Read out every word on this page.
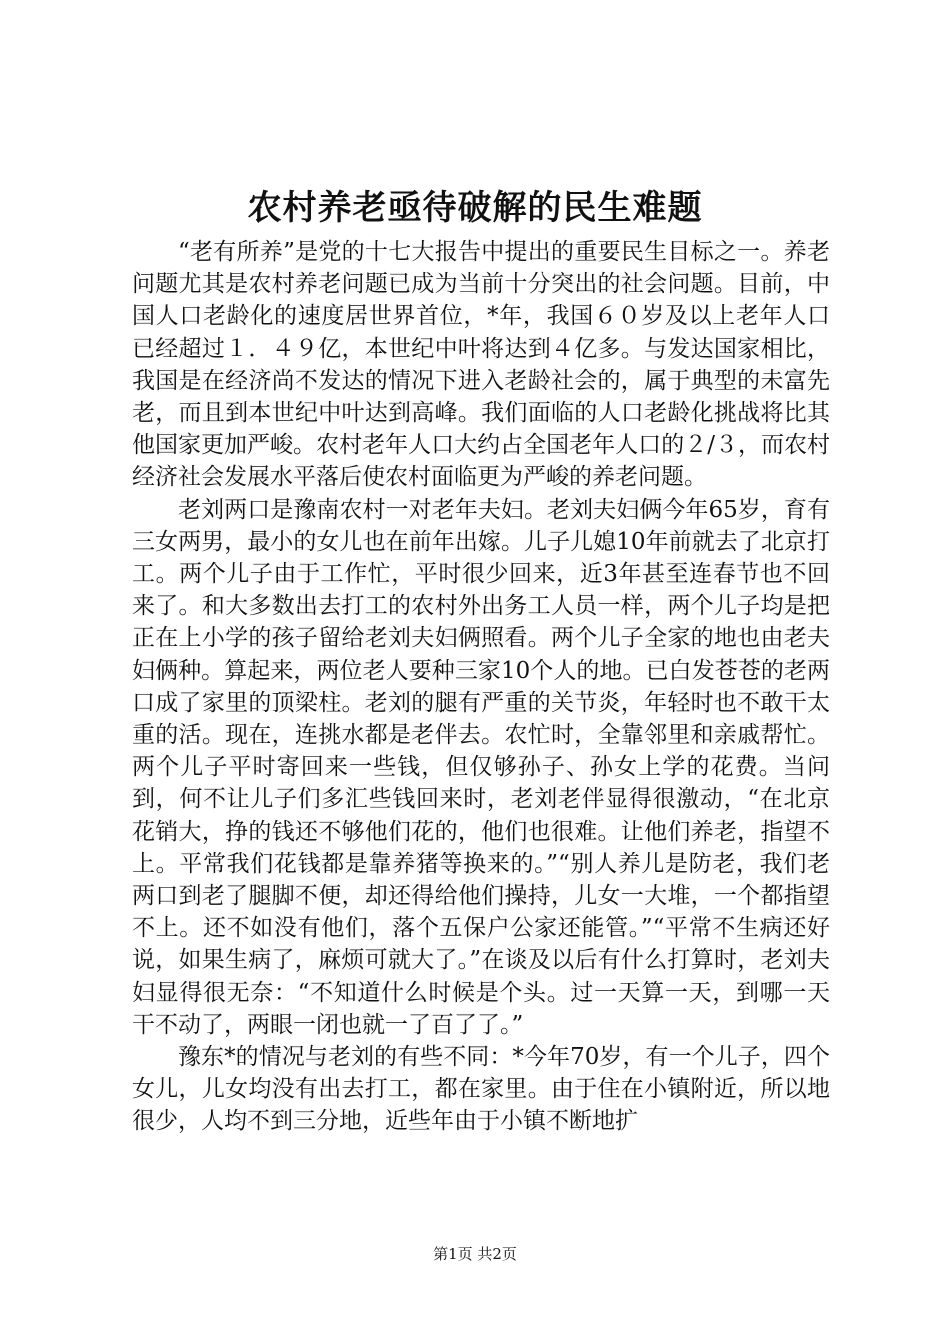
农村养老亟待破解的民生难题

“老有所养”是党的十七大报告中提出的重要民生目标之一。养老问题尤其是农村养老问题已成为当前十分突出的社会问题。目前，中国人口老龄化的速度居世界首位，*年，我国６０岁及以上老年人口已经超过１．４９亿，本世纪中叶将达到４亿多。与发达国家相比，我国是在经济尚不发达的情况下进入老龄社会的，属于典型的未富先老，而且到本世纪中叶达到高峰。我们面临的人口老龄化挑战将比其他国家更加严峻。农村老年人口大约占全国老年人口的２/３，而农村经济社会发展水平落后使农村面临更为严峻的养老问题。

老刘两口是豫南农村一对老年夫妇。老刘夫妇俩今年65岁，育有三女两男，最小的女儿也在前年出嫁。儿子儿媳10年前就去了北京打工。两个儿子由于工作忙，平时很少回来，近3年甚至连春节也不回来了。和大多数出去打工的农村外出务工人员一样，两个儿子均是把正在上小学的孩子留给老刘夫妇俩照看。两个儿子全家的地也由老夫妇俩种。算起来，两位老人要种三家10个人的地。已白发苍苍的老两口成了家里的顶梁柱。老刘的腿有严重的关节炎，年轻时也不敢干太重的活。现在，连挑水都是老伴去。农忙时，全靠邻里和亲戚帮忙。两个儿子平时寄回来一些钱，但仅够孙子、孙女上学的花费。当问到，何不让儿子们多汇些钱回来时，老刘老伴显得很激动，“在北京花销大，挣的钱还不够他们花的，他们也很难。让他们养老，指望不上。平常我们花钱都是靠养猪等换来的。”“别人养儿是防老，我们老两口到老了腿脚不便，却还得给他们操持，儿女一大堆，一个都指望不上。还不如没有他们，落个五保户公家还能管。”“平常不生病还好说，如果生病了，麻烦可就大了。”在谈及以后有什么打算时，老刘夫妇显得很无奈：“不知道什么时候是个头。过一天算一天，到哪一天干不动了，两眼一闭也就一了百了了。”

豫东*的情况与老刘的有些不同：*今年70岁，有一个儿子，四个女儿，儿女均没有出去打工，都在家里。由于住在小镇附近，所以地很少，人均不到三分地，近些年由于小镇不断地扩

第1页 共2页
